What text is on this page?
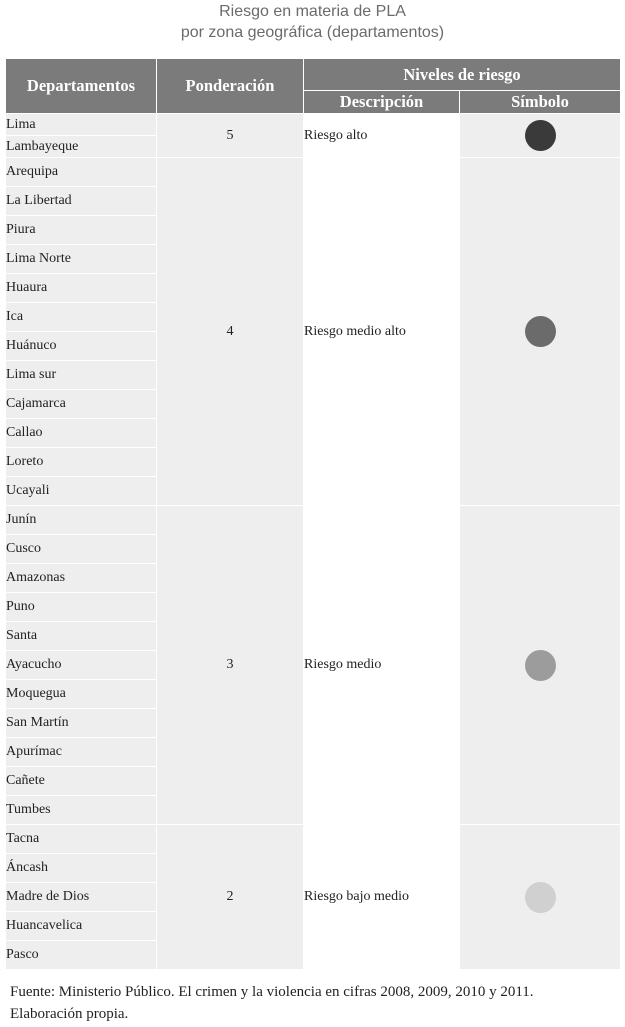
Riesgo en materia de PLA
por zona geográfica (departamentos)
Departamentos	Ponderación	Niveles de riesgo	
		Descripción	Símbolo
Lima	5	Riesgo alto	
Lambayeque			
Arequipa	4	Riesgo medio alto	
La Libertad			
Piura			
Lima Norte			
Huaura			
Ica			
Huánuco			
Lima sur			
Cajamarca			
Callao			
Loreto			
Ucayali			
Junín	3	Riesgo medio	
Cusco			
Amazonas			
Puno			
Santa			
Ayacucho			
Moquegua			
San Martín			
Apurímac			
Cañete			
Tumbes			
Tacna	2	Riesgo bajo medio	
Áncash			
Madre de Dios			
Huancavelica			
Pasco			
Fuente: Ministerio Público. El crimen y la violencia en cifras 2008, 2009, 2010 y 2011.
Elaboración propia.
